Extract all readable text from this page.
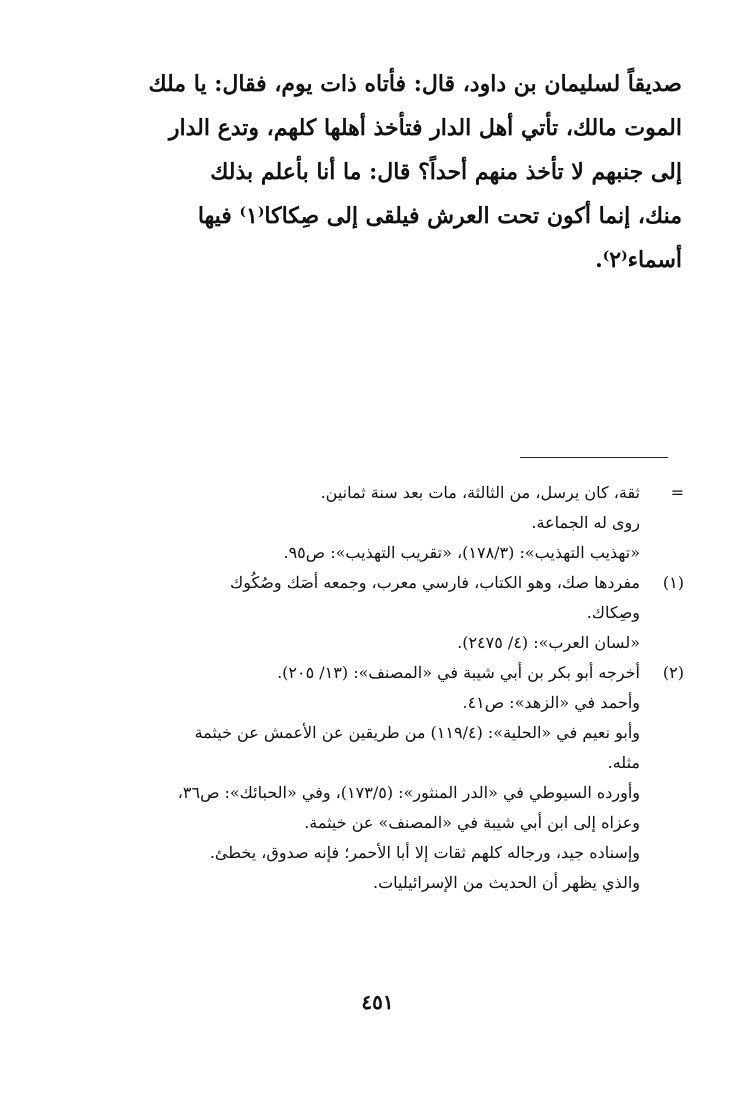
صديقاً لسليمان بن داود، قال: فأتاه ذات يوم، فقال: يا ملك
الموت مالك، تأتي أهل الدار فتأخذ أهلها كلهم، وتدع الدار
إلى جنبهم لا تأخذ منهم أحداً؟ قال: ما أنا بأعلم بذلك
منك، إنما أكون تحت العرش فيلقى إلى صِكاكا⁽١⁾ فيها
أسماء⁽٢⁾.
=
ثقة، كان يرسل، من الثالثة، مات بعد سنة ثمانين.
روى له الجماعة.
«تهذيب التهذيب»: (١٧٨/٣)، «تقريب التهذيب»: ص٩٥.
(١)
مفردها صك، وهو الكتاب، فارسي معرب، وجمعه أصَك وصُكُوك
وصِكاك.
«لسان العرب»: (٤/ ٢٤٧٥).
(٢)
أخرجه أبو بكر بن أبي شيبة في «المصنف»: (١٣/ ٢٠٥).
وأحمد في «الزهد»: ص٤١.
وأبو نعيم في «الحلية»: (١١٩/٤) من طريقين عن الأعمش عن خيثمة
مثله.
وأورده السيوطي في «الدر المنثور»: (١٧٣/٥)، وفي «الحبائك»: ص٣٦،
وعزاه إلى ابن أبي شيبة في «المصنف» عن خيثمة.
وإسناده جيد، ورجاله كلهم ثقات إلا أبا الأحمر؛ فإنه صدوق، يخطئ.
والذي يظهر أن الحديث من الإسرائيليات.
٤٥١
